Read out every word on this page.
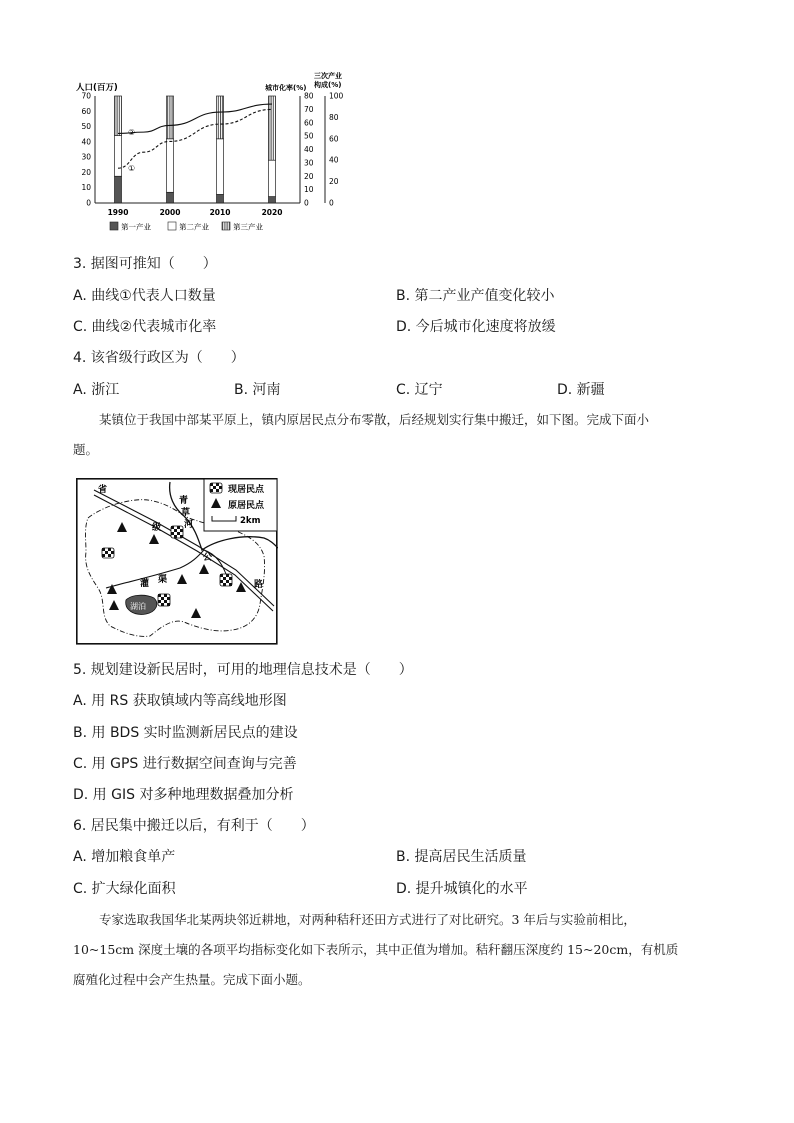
人口(百万)	城市化率(%)
三次产业
构成(%)
0
10
20
30
40
50
60
70
0
10
20
30
40
50
60
70
80
0
20
40
60
80
100
1990	2000	2010	2020
①
②
第一产业	第二产业	第三产业
3. 据图可推知（　　）
A. 曲线①代表人口数量	B. 第二产业产值变化较小
C. 曲线②代表城市化率	D. 今后城市化速度将放缓
4. 该省级行政区为（　　）
A. 浙江	B. 河南	C. 辽宁	D. 新疆
某镇位于我国中部某平原上，镇内原居民点分布零散，后经规划实行集中搬迁，如下图。完成下面小
题。
湖泊
省
级
公
路
青
草
河
灌 渠
现居民点
原居民点
2km
5. 规划建设新民居时，可用的地理信息技术是（　　）
A. 用 RS 获取镇域内等高线地形图
B. 用 BDS 实时监测新居民点的建设
C. 用 GPS 进行数据空间查询与完善
D. 用 GIS 对多种地理数据叠加分析
6. 居民集中搬迁以后，有利于（　　）
A. 增加粮食单产	B. 提高居民生活质量
C. 扩大绿化面积	D. 提升城镇化的水平
专家选取我国华北某两块邻近耕地，对两种秸秆还田方式进行了对比研究。3 年后与实验前相比，
10~15cm 深度土壤的各项平均指标变化如下表所示，其中正值为增加。秸秆翻压深度约 15~20cm，有机质
腐殖化过程中会产生热量。完成下面小题。
